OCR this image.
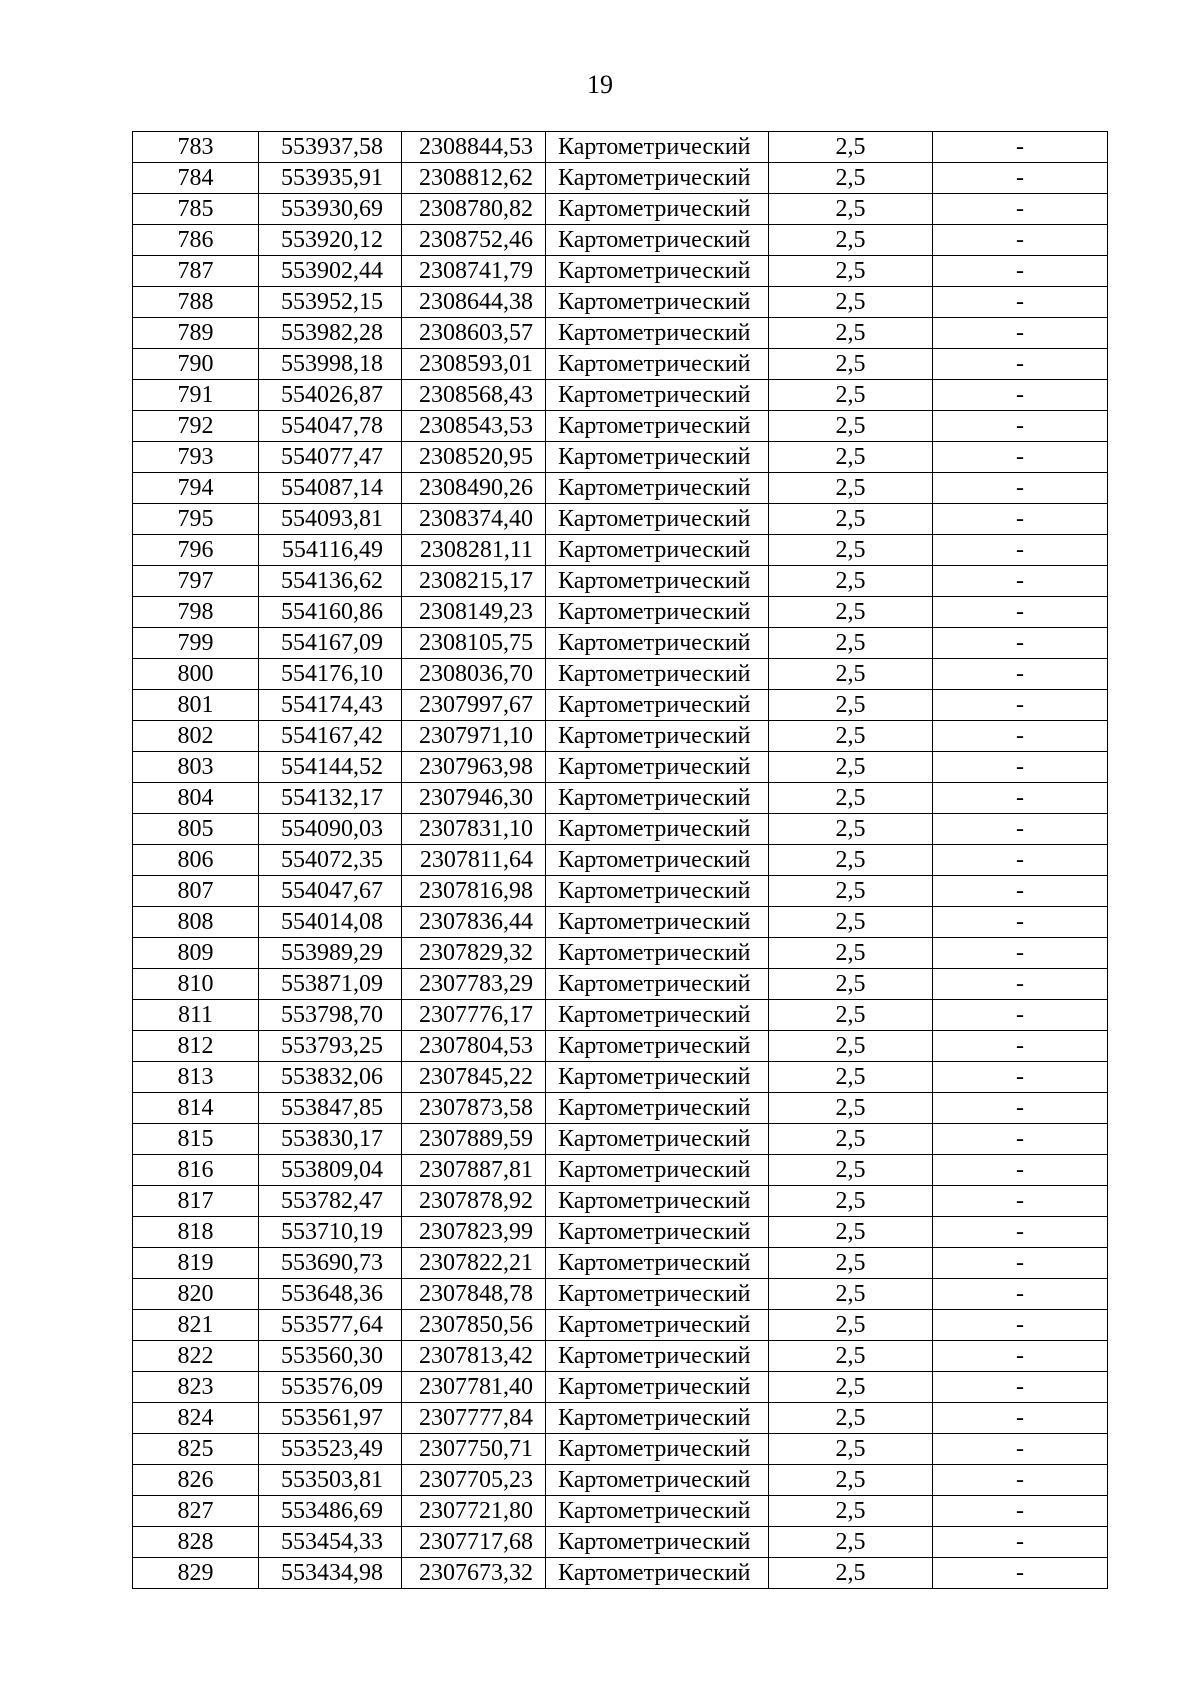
19
783	553937,58	2308844,53	Картометрический	2,5	-
784	553935,91	2308812,62	Картометрический	2,5	-
785	553930,69	2308780,82	Картометрический	2,5	-
786	553920,12	2308752,46	Картометрический	2,5	-
787	553902,44	2308741,79	Картометрический	2,5	-
788	553952,15	2308644,38	Картометрический	2,5	-
789	553982,28	2308603,57	Картометрический	2,5	-
790	553998,18	2308593,01	Картометрический	2,5	-
791	554026,87	2308568,43	Картометрический	2,5	-
792	554047,78	2308543,53	Картометрический	2,5	-
793	554077,47	2308520,95	Картометрический	2,5	-
794	554087,14	2308490,26	Картометрический	2,5	-
795	554093,81	2308374,40	Картометрический	2,5	-
796	554116,49	2308281,11	Картометрический	2,5	-
797	554136,62	2308215,17	Картометрический	2,5	-
798	554160,86	2308149,23	Картометрический	2,5	-
799	554167,09	2308105,75	Картометрический	2,5	-
800	554176,10	2308036,70	Картометрический	2,5	-
801	554174,43	2307997,67	Картометрический	2,5	-
802	554167,42	2307971,10	Картометрический	2,5	-
803	554144,52	2307963,98	Картометрический	2,5	-
804	554132,17	2307946,30	Картометрический	2,5	-
805	554090,03	2307831,10	Картометрический	2,5	-
806	554072,35	2307811,64	Картометрический	2,5	-
807	554047,67	2307816,98	Картометрический	2,5	-
808	554014,08	2307836,44	Картометрический	2,5	-
809	553989,29	2307829,32	Картометрический	2,5	-
810	553871,09	2307783,29	Картометрический	2,5	-
811	553798,70	2307776,17	Картометрический	2,5	-
812	553793,25	2307804,53	Картометрический	2,5	-
813	553832,06	2307845,22	Картометрический	2,5	-
814	553847,85	2307873,58	Картометрический	2,5	-
815	553830,17	2307889,59	Картометрический	2,5	-
816	553809,04	2307887,81	Картометрический	2,5	-
817	553782,47	2307878,92	Картометрический	2,5	-
818	553710,19	2307823,99	Картометрический	2,5	-
819	553690,73	2307822,21	Картометрический	2,5	-
820	553648,36	2307848,78	Картометрический	2,5	-
821	553577,64	2307850,56	Картометрический	2,5	-
822	553560,30	2307813,42	Картометрический	2,5	-
823	553576,09	2307781,40	Картометрический	2,5	-
824	553561,97	2307777,84	Картометрический	2,5	-
825	553523,49	2307750,71	Картометрический	2,5	-
826	553503,81	2307705,23	Картометрический	2,5	-
827	553486,69	2307721,80	Картометрический	2,5	-
828	553454,33	2307717,68	Картометрический	2,5	-
829	553434,98	2307673,32	Картометрический	2,5	-
